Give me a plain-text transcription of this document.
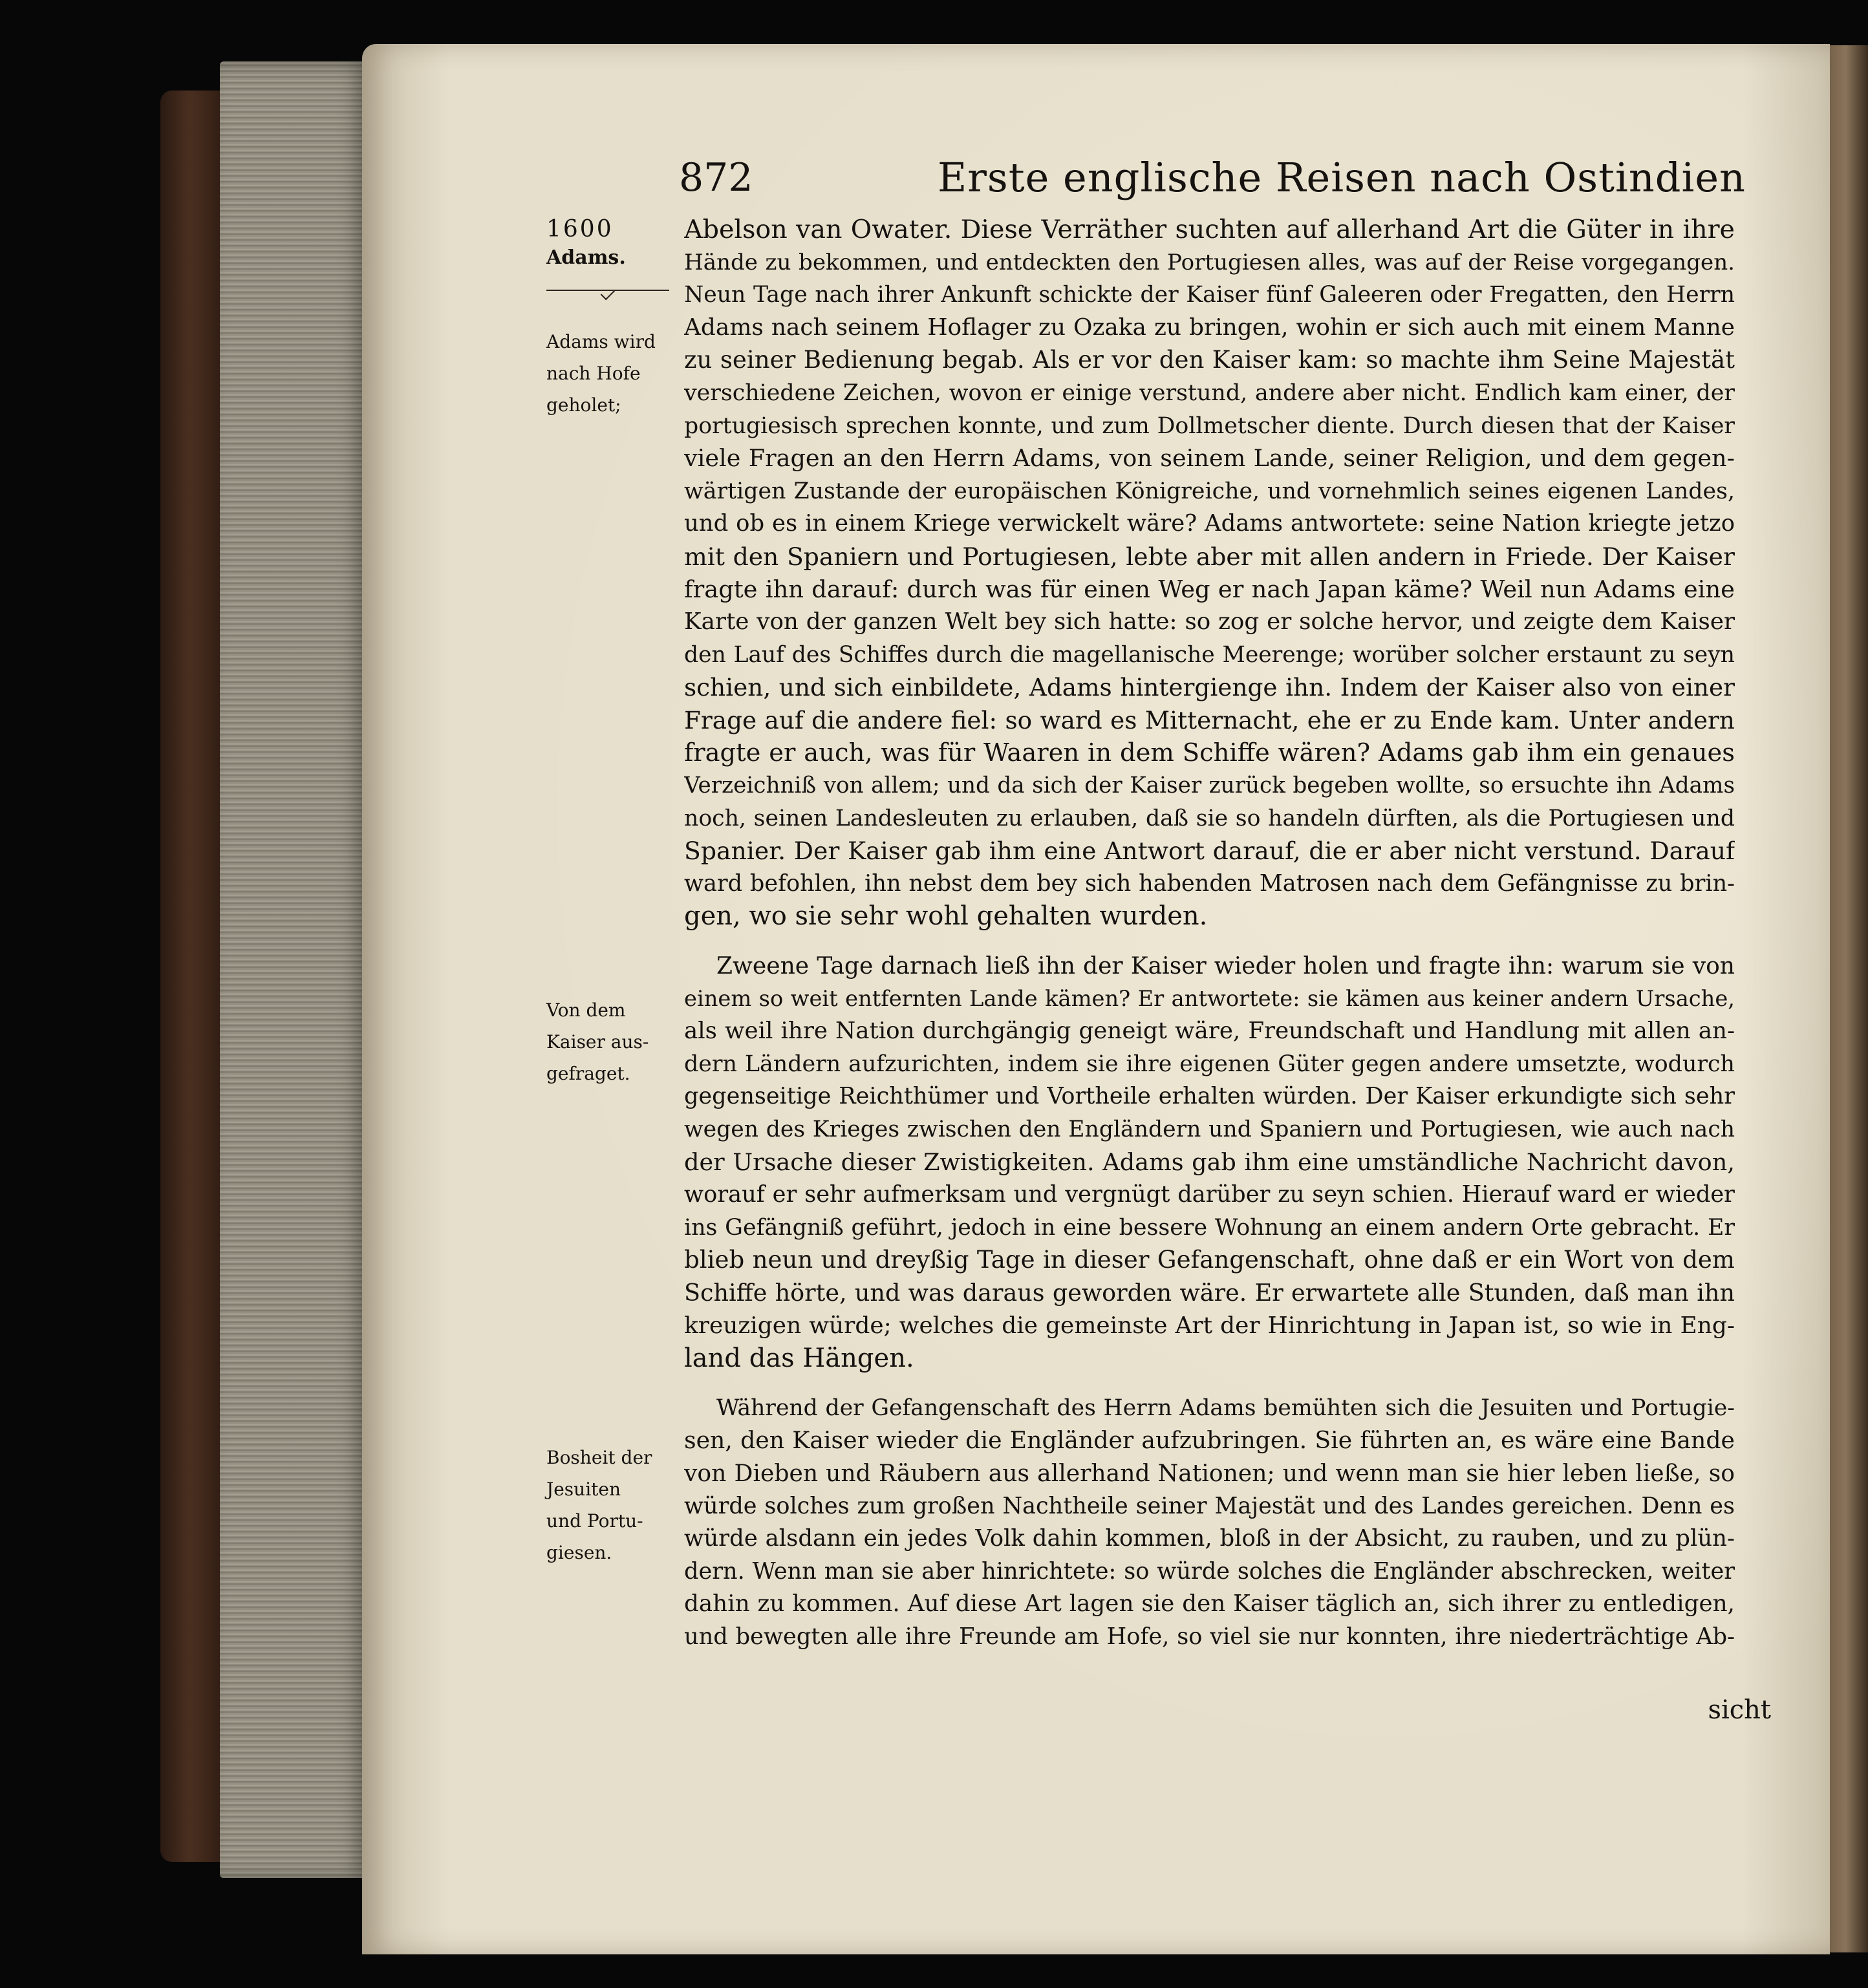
872	Erste englische Reisen nach Ostindien
1600
Adams.
Adams wird
nach Hofe
geholet;
Von dem
Kaiser aus-
gefraget.
Bosheit der
Jesuiten
und Portu-
giesen.
Abelson van Owater. Diese Verräther suchten auf allerhand Art die Güter in ihre
Hände zu bekommen, und entdeckten den Portugiesen alles, was auf der Reise vorgegangen.
Neun Tage nach ihrer Ankunft schickte der Kaiser fünf Galeeren oder Fregatten, den Herrn
Adams nach seinem Hoflager zu Ozaka zu bringen, wohin er sich auch mit einem Manne
zu seiner Bedienung begab. Als er vor den Kaiser kam: so machte ihm Seine Majestät
verschiedene Zeichen, wovon er einige verstund, andere aber nicht. Endlich kam einer, der
portugiesisch sprechen konnte, und zum Dollmetscher diente. Durch diesen that der Kaiser
viele Fragen an den Herrn Adams, von seinem Lande, seiner Religion, und dem gegen-
wärtigen Zustande der europäischen Königreiche, und vornehmlich seines eigenen Landes,
und ob es in einem Kriege verwickelt wäre? Adams antwortete: seine Nation kriegte jetzo
mit den Spaniern und Portugiesen, lebte aber mit allen andern in Friede. Der Kaiser
fragte ihn darauf: durch was für einen Weg er nach Japan käme? Weil nun Adams eine
Karte von der ganzen Welt bey sich hatte: so zog er solche hervor, und zeigte dem Kaiser
den Lauf des Schiffes durch die magellanische Meerenge; worüber solcher erstaunt zu seyn
schien, und sich einbildete, Adams hintergienge ihn. Indem der Kaiser also von einer
Frage auf die andere fiel: so ward es Mitternacht, ehe er zu Ende kam. Unter andern
fragte er auch, was für Waaren in dem Schiffe wären? Adams gab ihm ein genaues
Verzeichniß von allem; und da sich der Kaiser zurück begeben wollte, so ersuchte ihn Adams
noch, seinen Landesleuten zu erlauben, daß sie so handeln dürften, als die Portugiesen und
Spanier. Der Kaiser gab ihm eine Antwort darauf, die er aber nicht verstund. Darauf
ward befohlen, ihn nebst dem bey sich habenden Matrosen nach dem Gefängnisse zu brin-
gen, wo sie sehr wohl gehalten wurden.
Zweene Tage darnach ließ ihn der Kaiser wieder holen und fragte ihn: warum sie von
einem so weit entfernten Lande kämen? Er antwortete: sie kämen aus keiner andern Ursache,
als weil ihre Nation durchgängig geneigt wäre, Freundschaft und Handlung mit allen an-
dern Ländern aufzurichten, indem sie ihre eigenen Güter gegen andere umsetzte, wodurch
gegenseitige Reichthümer und Vortheile erhalten würden. Der Kaiser erkundigte sich sehr
wegen des Krieges zwischen den Engländern und Spaniern und Portugiesen, wie auch nach
der Ursache dieser Zwistigkeiten. Adams gab ihm eine umständliche Nachricht davon,
worauf er sehr aufmerksam und vergnügt darüber zu seyn schien. Hierauf ward er wieder
ins Gefängniß geführt, jedoch in eine bessere Wohnung an einem andern Orte gebracht. Er
blieb neun und dreyßig Tage in dieser Gefangenschaft, ohne daß er ein Wort von dem
Schiffe hörte, und was daraus geworden wäre. Er erwartete alle Stunden, daß man ihn
kreuzigen würde; welches die gemeinste Art der Hinrichtung in Japan ist, so wie in Eng-
land das Hängen.
Während der Gefangenschaft des Herrn Adams bemühten sich die Jesuiten und Portugie-
sen, den Kaiser wieder die Engländer aufzubringen. Sie führten an, es wäre eine Bande
von Dieben und Räubern aus allerhand Nationen; und wenn man sie hier leben ließe, so
würde solches zum großen Nachtheile seiner Majestät und des Landes gereichen. Denn es
würde alsdann ein jedes Volk dahin kommen, bloß in der Absicht, zu rauben, und zu plün-
dern. Wenn man sie aber hinrichtete: so würde solches die Engländer abschrecken, weiter
dahin zu kommen. Auf diese Art lagen sie den Kaiser täglich an, sich ihrer zu entledigen,
und bewegten alle ihre Freunde am Hofe, so viel sie nur konnten, ihre niederträchtige Ab-
sicht
